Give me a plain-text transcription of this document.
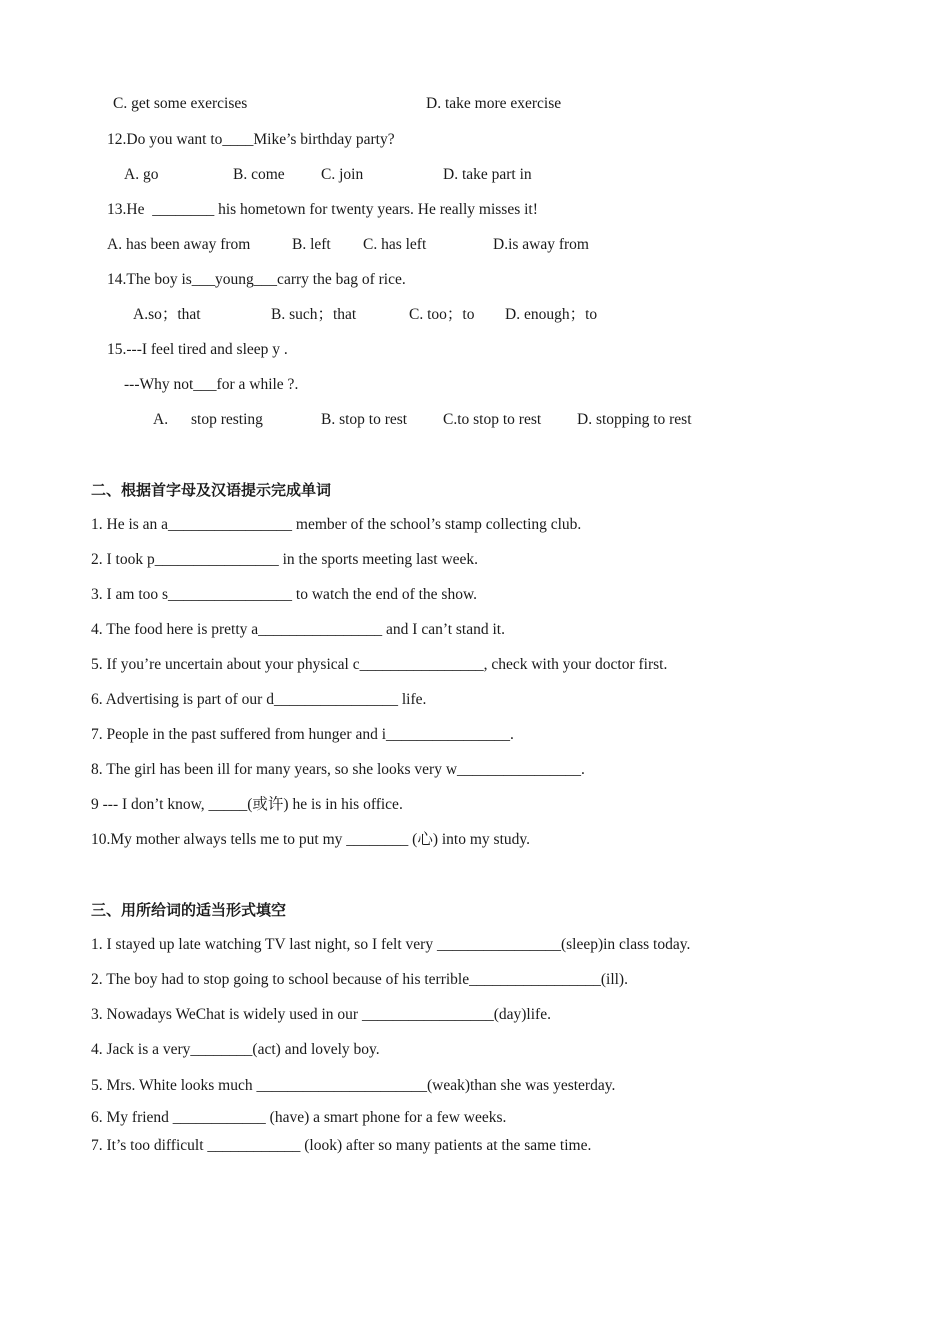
C. get some exercises	D. take more exercise
12.Do you want to____Mike’s birthday party?
A. go	B. come C. join	D. take part in
13.He  ________ his hometown for twenty years. He really misses it!
A. has been away from	B. left C. has left	D.is away from
14.The boy is___young___carry the bag of rice.
A.so；that	B. such；that	C. too；to D. enough；to
15.---I feel tired and sleep y .
---Why not___for a while ?.
A. stop resting	B. stop to rest C.to stop to rest D. stopping to rest
二、根据首字母及汉语提示完成单词
1. He is an a________________ member of the school’s stamp collecting club.
2. I took p________________ in the sports meeting last week.
3. I am too s________________ to watch the end of the show.
4. The food here is pretty a________________ and I can’t stand it.
5. If you’re uncertain about your physical c________________, check with your doctor first.
6. Advertising is part of our d________________ life.
7. People in the past suffered from hunger and i________________.
8. The girl has been ill for many years, so she looks very w________________.
9 --- I don’t know, _____(或许) he is in his office.
10.My mother always tells me to put my ________ (心) into my study.
三、用所给词的适当形式填空
1. I stayed up late watching TV last night, so I felt very ________________(sleep)in class today.
2. The boy had to stop going to school because of his terrible_________________(ill).
3. Nowadays WeChat is widely used in our _________________(day)life.
4. Jack is a very________(act) and lovely boy.
5. Mrs. White looks much ______________________(weak)than she was yesterday.
6. My friend ____________ (have) a smart phone for a few weeks.
7. It’s too difficult ____________ (look) after so many patients at the same time.
